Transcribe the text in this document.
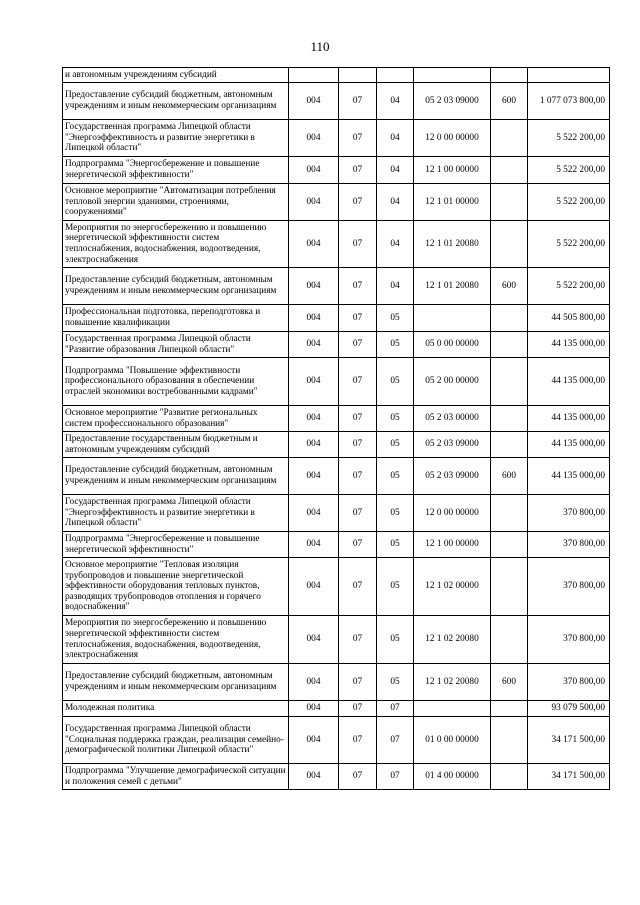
110
и автономным учреждениям субсидий						
Предоставление субсидий бюджетным, автономным учреждениям и иным некоммерческим организациям	004	07	04	05 2 03 09000	600	1 077 073 800,00
Государственная программа Липецкой области "Энергоэффективность и развитие энергетики в Липецкой области"	004	07	04	12 0 00 00000		5 522 200,00
Подпрограмма "Энергосбережение и повышение энергетической эффективности"	004	07	04	12 1 00 00000		5 522 200,00
Основное мероприятие "Автоматизация потребления тепловой энергии зданиями, строениями, сооружениями"	004	07	04	12 1 01 00000		5 522 200,00
Мероприятия по энергосбережению и повышению энергетической эффективности систем теплоснабжения, водоснабжения, водоотведения, электроснабжения	004	07	04	12 1 01 20080		5 522 200,00
Предоставление субсидий бюджетным, автономным учреждениям и иным некоммерческим организациям	004	07	04	12 1 01 20080	600	5 522 200,00
Профессиональная подготовка, переподготовка и повышение квалификации	004	07	05			44 505 800,00
Государственная программа Липецкой области "Развитие образования Липецкой области"	004	07	05	05 0 00 00000		44 135 000,00
Подпрограмма "Повышение эффективности профессионального образования в обеспечении отраслей экономики востребованными кадрами"	004	07	05	05 2 00 00000		44 135 000,00
Основное мероприятие "Развитие региональных систем профессионального образования"	004	07	05	05 2 03 00000		44 135 000,00
Предоставление государственным бюджетным и автономным учреждениям субсидий	004	07	05	05 2 03 09000		44 135 000,00
Предоставление субсидий бюджетным, автономным учреждениям и иным некоммерческим организациям	004	07	05	05 2 03 09000	600	44 135 000,00
Государственная программа Липецкой области "Энергоэффективность и развитие энергетики в Липецкой области"	004	07	05	12 0 00 00000		370 800,00
Подпрограмма "Энергосбережение и повышение энергетической эффективности"	004	07	05	12 1 00 00000		370 800,00
Основное мероприятие "Тепловая изоляция трубопроводов и повышение энергетической эффективности оборудования тепловых пунктов, разводящих трубопроводов отопления и горячего водоснабжения"	004	07	05	12 1 02 00000		370 800,00
Мероприятия по энергосбережению и повышению энергетической эффективности систем теплоснабжения, водоснабжения, водоотведения, электроснабжения	004	07	05	12 1 02 20080		370 800,00
Предоставление субсидий бюджетным, автономным учреждениям и иным некоммерческим организациям	004	07	05	12 1 02 20080	600	370 800,00
Молодежная политика	004	07	07			93 079 500,00
Государственная программа Липецкой области "Социальная поддержка граждан, реализация семейно-демографической политики Липецкой области"	004	07	07	01 0 00 00000		34 171 500,00
Подпрограмма "Улучшение демографической ситуации и положения семей с детьми"	004	07	07	01 4 00 00000		34 171 500,00
